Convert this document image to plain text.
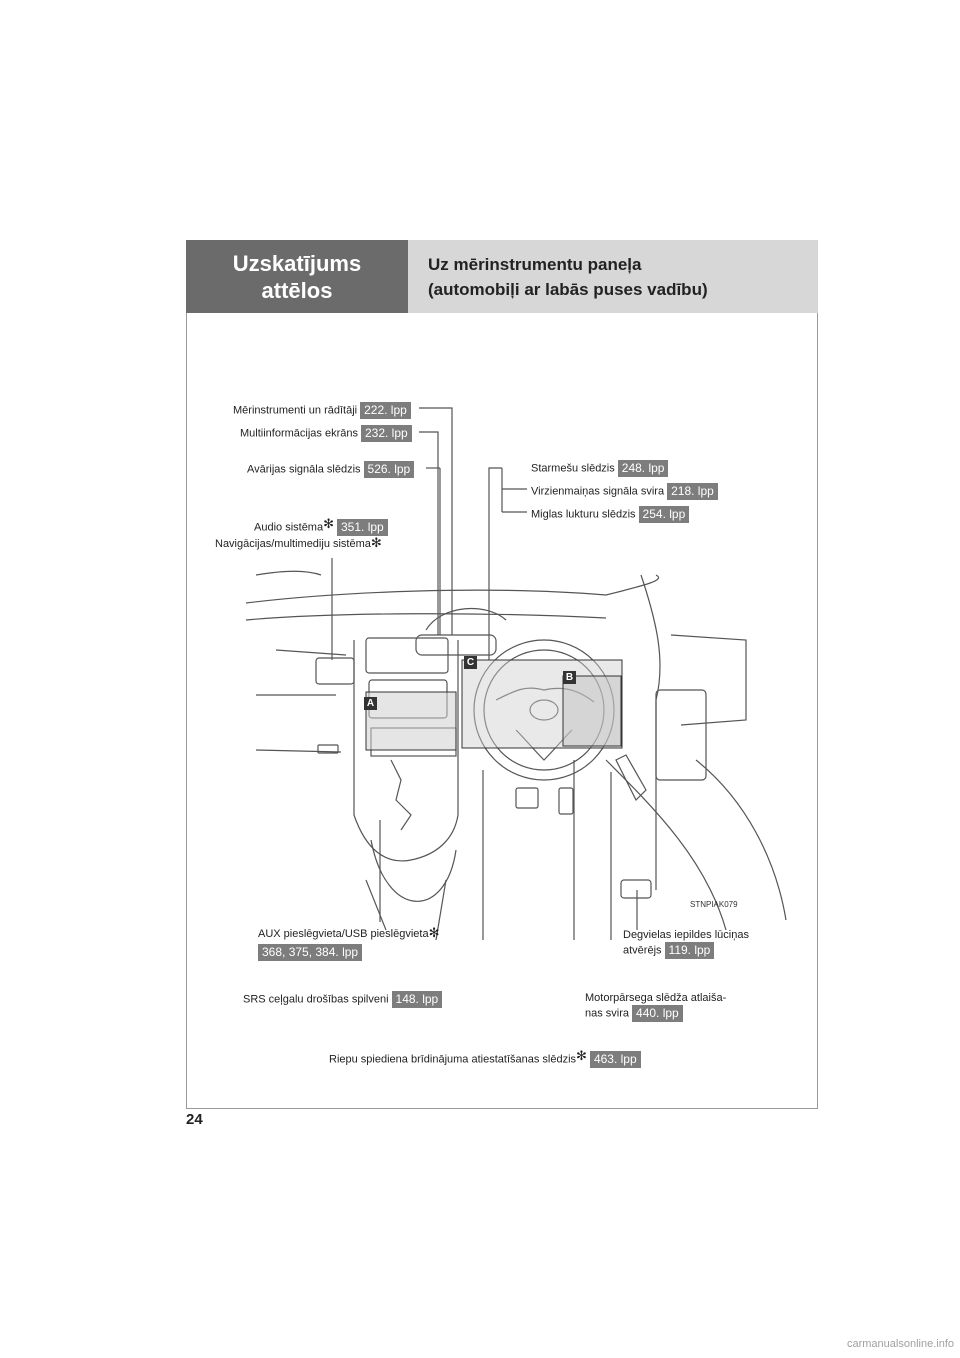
Uzskatījums
attēlos
Uz mērinstrumentu paneļa
(automobiļi ar labās puses vadību)
A
B
C
Mērinstrumenti un rādītāji 222. lpp
Multiinformācijas ekrāns 232. lpp
Avārijas signāla slēdzis 526. lpp
Audio sistēma✻ 351. lpp
Navigācijas/multimediju sistēma✻
Starmešu slēdzis 248. lpp
Virzienmaiņas signāla svira 218. lpp
Miglas lukturu slēdzis 254. lpp
STNPIAK079
AUX pieslēgvieta/USB pieslēgvieta✻
368, 375, 384. lpp
Degvielas iepildes lūciņas
atvērējs 119. lpp
SRS ceļgalu drošības spilveni 148. lpp	Motorpārsega slēdža atlaiša-
nas svira 440. lpp
Riepu spiediena brīdinājuma atiestatīšanas slēdzis✻ 463. lpp
24
carmanualsonline.info
